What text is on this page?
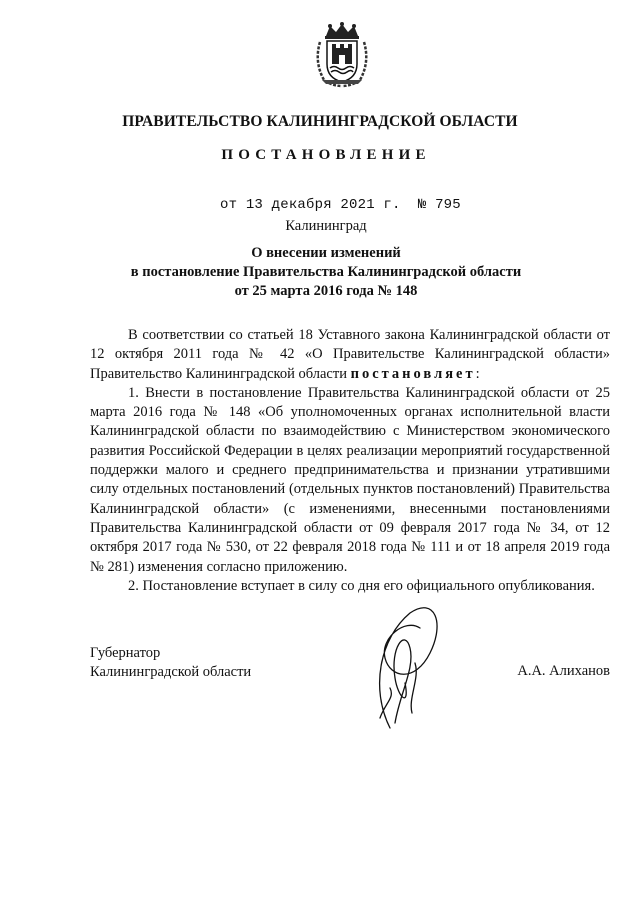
ПРАВИТЕЛЬСТВО КАЛИНИНГРАДСКОЙ ОБЛАСТИ
ПОСТАНОВЛЕНИЕ
от 13 декабря 2021 г. № 795
Калининград
О внесении изменений
в постановление Правительства Калининградской области
от 25 марта 2016 года № 148

В соответствии со статьей 18 Уставного закона Калининградской области от 12 октября 2011 года № 42 «О Правительстве Калининградской области» Правительство Калининградской области постановляет:

1. Внести в постановление Правительства Калининградской области от 25 марта 2016 года № 148 «Об уполномоченных органах исполнительной власти Калининградской области по взаимодействию с Министерством экономического развития Российской Федерации в целях реализации мероприятий государственной поддержки малого и среднего предпринимательства и признании утратившими силу отдельных постановлений (отдельных пунктов постановлений) Правительства Калининградской области» (с изменениями, внесенными постановлениями Правительства Калининградской области от 09 февраля 2017 года № 34, от 12 октября 2017 года № 530, от 22 февраля 2018 года № 111 и от 18 апреля 2019 года № 281) изменения согласно приложению.

2. Постановление вступает в силу со дня его официального опубликования.

Губернатор
Калининградской области	А.А. Алиханов
